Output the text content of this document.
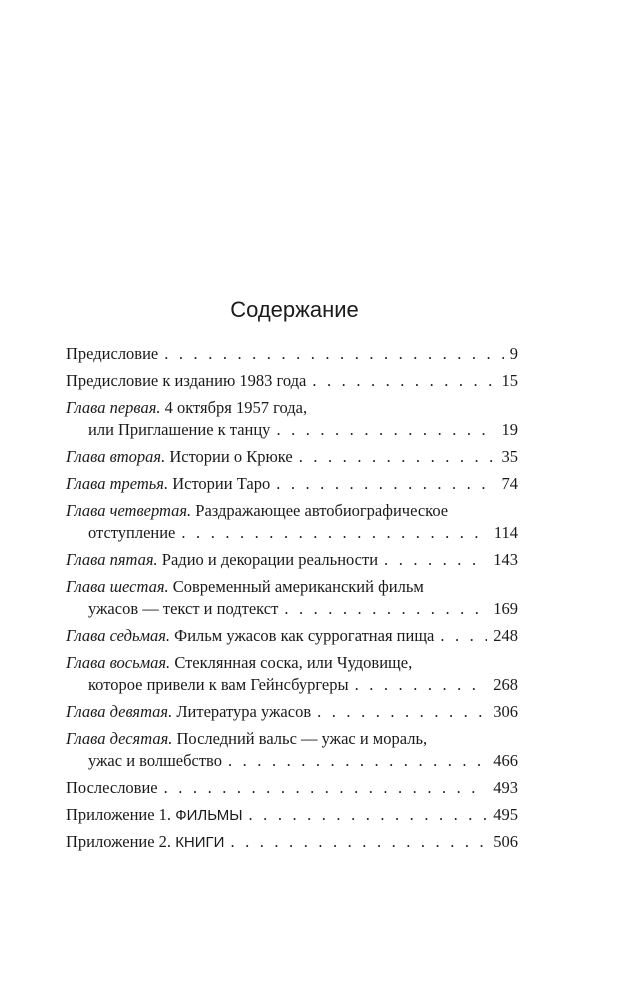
Содержание
Предисловие . . .	9
Предисловие к изданию 1983 года . . .	15
Глава первая. 4 октября 1957 года,
или Приглашение к танцу . . .	19
Глава вторая. Истории о Крюке . . .	35
Глава третья. Истории Таро . . .	74
Глава четвертая. Раздражающее автобиографическое
отступление . . .	114
Глава пятая. Радио и декорации реальности . . .	143
Глава шестая. Современный американский фильм
ужасов — текст и подтекст . . .	169
Глава седьмая. Фильм ужасов как суррогатная пища . . .	248
Глава восьмая. Стеклянная соска, или Чудовище,
которое привели к вам Гейнсбургеры . . .	268
Глава девятая. Литература ужасов . . .	306
Глава десятая. Последний вальс — ужас и мораль,
ужас и волшебство . . .	466
Послесловие . . .	493
Приложение 1. ФИЛЬМЫ . . .	495
Приложение 2. КНИГИ . . .	506
